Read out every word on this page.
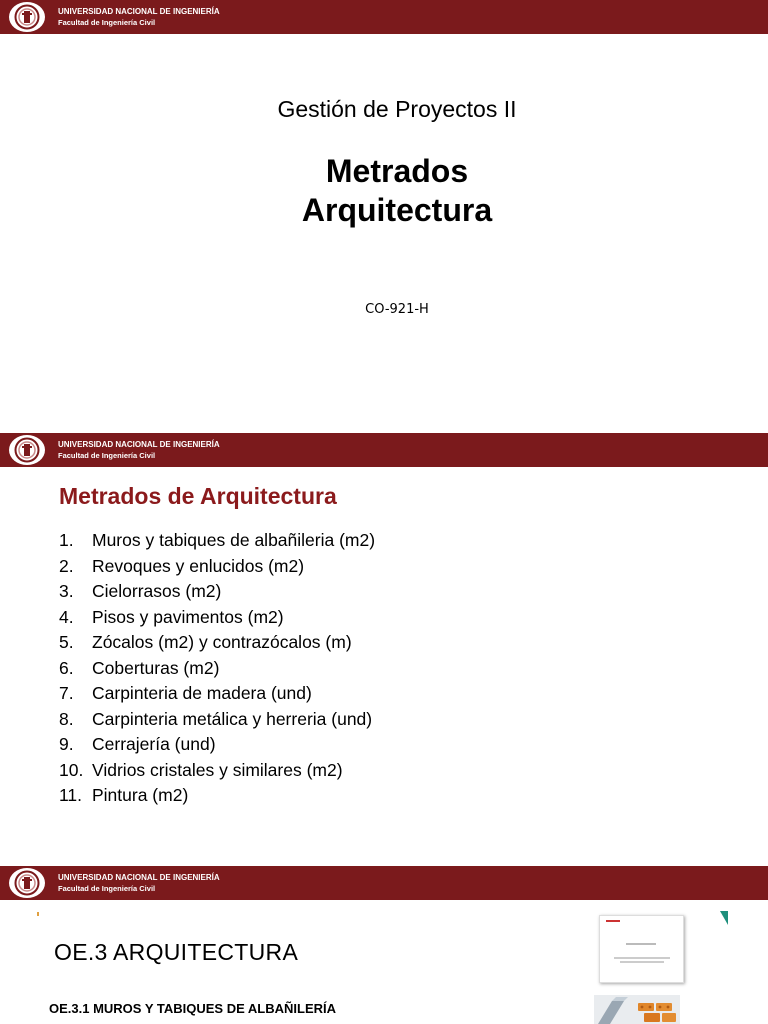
UNIVERSIDAD NACIONAL DE INGENIERÍA
Facultad de Ingeniería Civil
Gestión de Proyectos II
Metrados
Arquitectura
CO-921-H
UNIVERSIDAD NACIONAL DE INGENIERÍA
Facultad de Ingeniería Civil
Metrados de Arquitectura
1. Muros y tabiques de albañileria (m2)
2. Revoques y enlucidos (m2)
3. Cielorrasos (m2)
4. Pisos y pavimentos (m2)
5. Zócalos (m2) y contrazócalos (m)
6. Coberturas (m2)
7. Carpinteria de madera (und)
8. Carpinteria metálica y herreria (und)
9. Cerrajería (und)
10. Vidrios cristales y similares (m2)
11. Pintura (m2)
UNIVERSIDAD NACIONAL DE INGENIERÍA
Facultad de Ingeniería Civil
OE.3 ARQUITECTURA
OE.3.1 MUROS Y TABIQUES DE ALBAÑILERÍA
